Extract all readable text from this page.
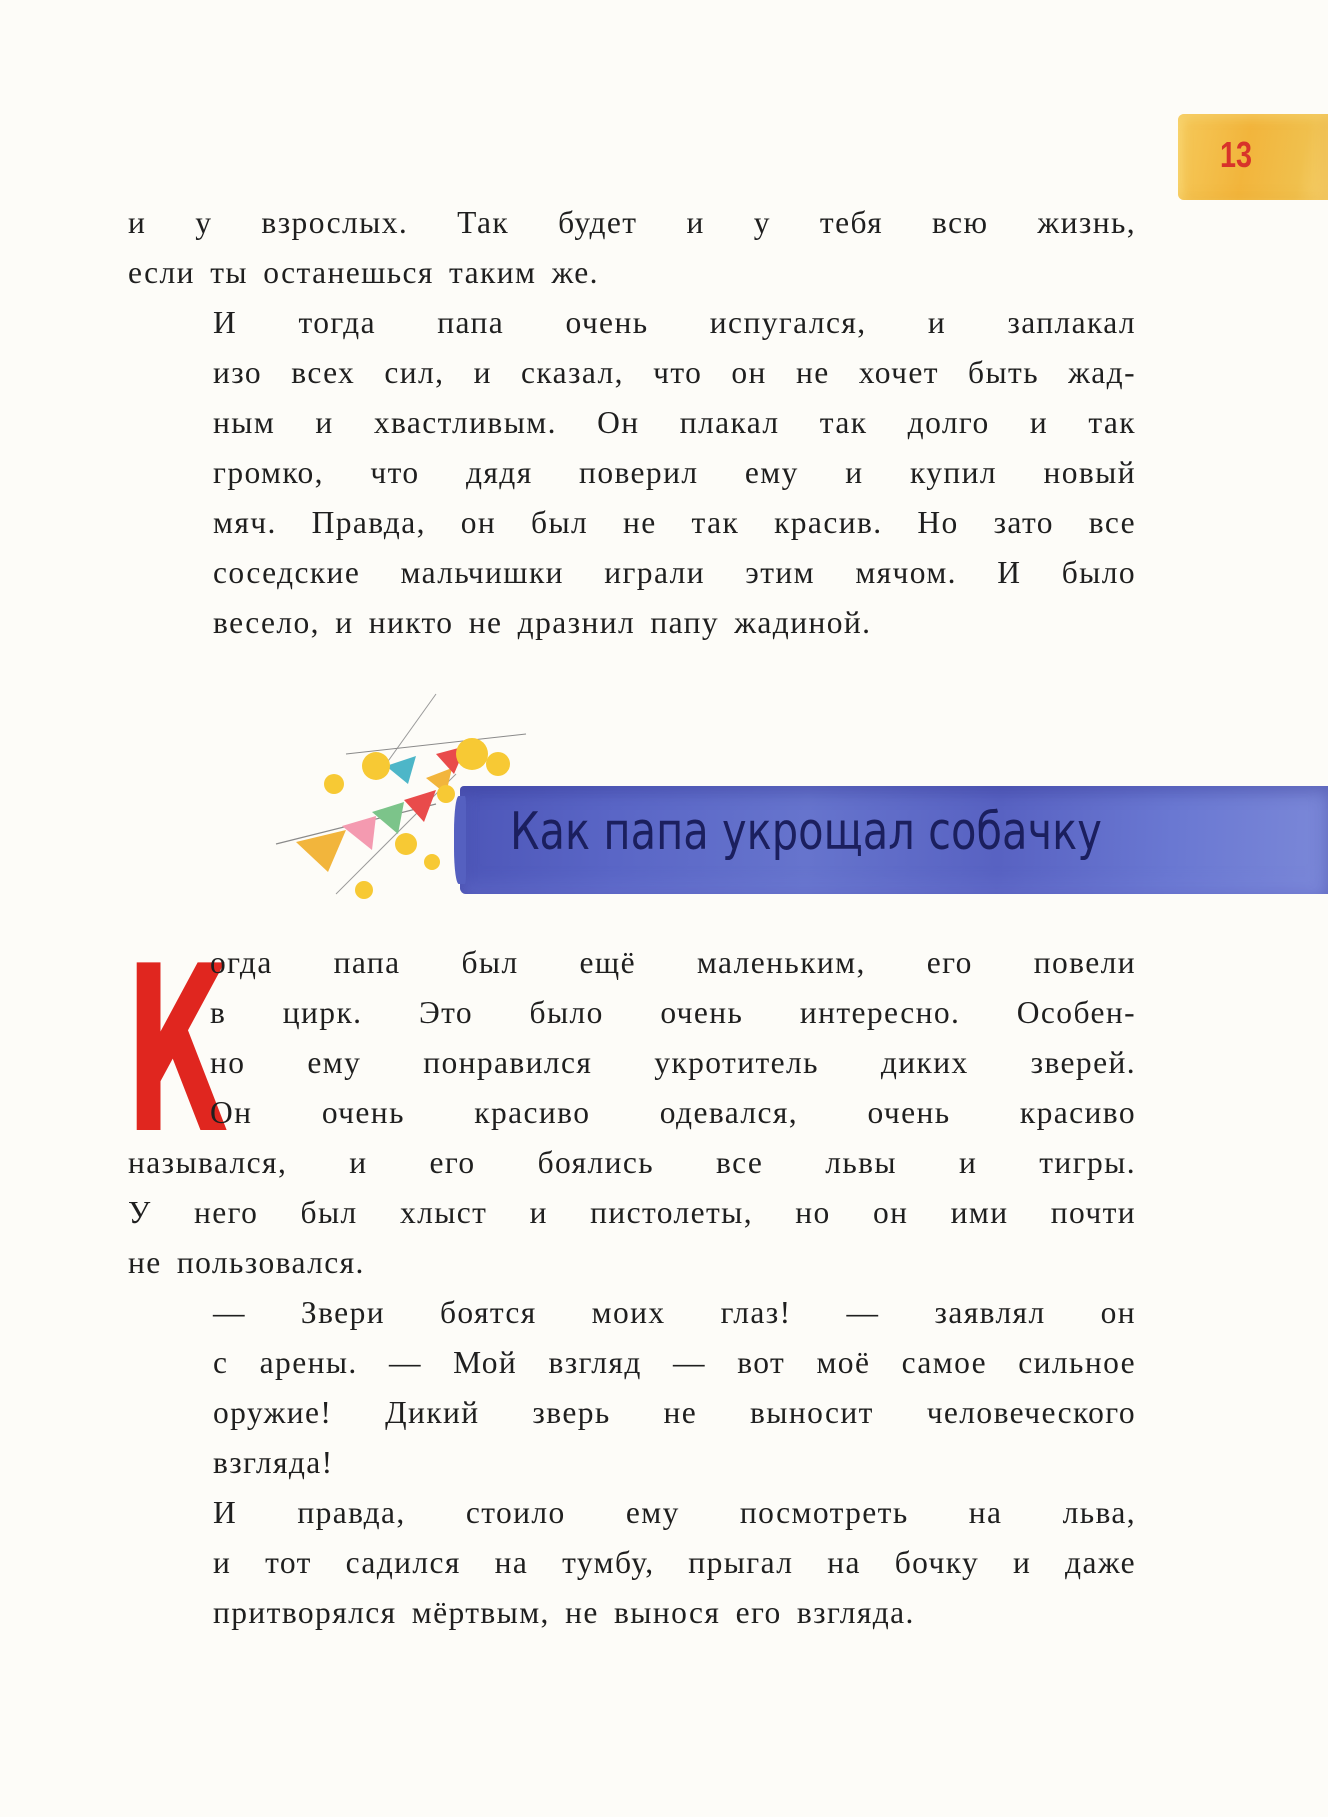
13

и у взрослых. Так будет и у тебя всю жизнь,
если ты останешься таким же.

И тогда папа очень испугался, и заплакал
изо всех сил, и сказал, что он не хочет быть жад-
ным и хвастливым. Он плакал так долго и так
громко, что дядя поверил ему и купил новый
мяч. Правда, он был не так красив. Но зато все
соседские мальчишки играли этим мячом. И было
весело, и никто не дразнил папу жадиной.

Как папа укрощал собачку
К

огда папа был ещё маленьким, его повели
в цирк. Это было очень интересно. Особен-
но ему понравился укротитель диких зверей.
Он очень красиво одевался, очень красиво
назывался, и его боялись все львы и тигры.
У него был хлыст и пистолеты, но он ими почти
не пользовался.

— Звери боятся моих глаз! — заявлял он
с арены. — Мой взгляд — вот моё самое сильное
оружие! Дикий зверь не выносит человеческого
взгляда!

И правда, стоило ему посмотреть на льва,
и тот садился на тумбу, прыгал на бочку и даже
притворялся мёртвым, не вынося его взгляда.
